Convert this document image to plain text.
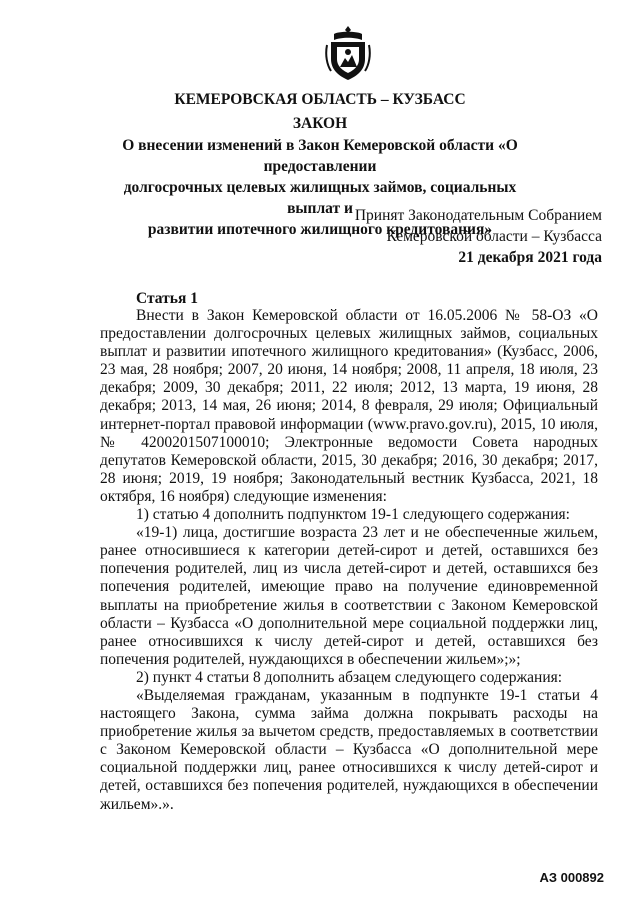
КЕМЕРОВСКАЯ ОБЛАСТЬ – КУЗБАСС
ЗАКОН
О внесении изменений в Закон Кемеровской области «О предоставлении
долгосрочных целевых жилищных займов, социальных выплат и
развитии ипотечного жилищного кредитования»
Принят Законодательным Собранием
Кемеровской области – Кузбасса
21 декабря 2021 года
Статья 1

Внести в Закон Кемеровской области от 16.05.2006 № 58-ОЗ «О предоставлении долгосрочных целевых жилищных займов, социальных выплат и развитии ипотечного жилищного кредитования» (Кузбасс, 2006, 23 мая, 28 ноября; 2007, 20 июня, 14 ноября; 2008, 11 апреля, 18 июля, 23 декабря; 2009, 30 декабря; 2011, 22 июля; 2012, 13 марта, 19 июня, 28 декабря; 2013, 14 мая, 26 июня; 2014, 8 февраля, 29 июля; Официальный интернет-портал правовой информации (www.pravo.gov.ru), 2015, 10 июля, № 4200201507100010; Электронные ведомости Совета народных депутатов Кемеровской области, 2015, 30 декабря; 2016, 30 декабря; 2017, 28 июня; 2019, 19 ноября; Законодательный вестник Кузбасса, 2021, 18 октября, 16 ноября) следующие изменения:

1) статью 4 дополнить подпунктом 19-1 следующего содержания:

«19-1) лица, достигшие возраста 23 лет и не обеспеченные жильем, ранее относившиеся к категории детей-сирот и детей, оставшихся без попечения родителей, лиц из числа детей-сирот и детей, оставшихся без попечения родителей, имеющие право на получение единовременной выплаты на приобретение жилья в соответствии с Законом Кемеровской области – Кузбасса «О дополнительной мере социальной поддержки лиц, ранее относившихся к числу детей-сирот и детей, оставшихся без попечения родителей, нуждающихся в обеспечении жильем»;»;

2) пункт 4 статьи 8 дополнить абзацем следующего содержания:

«Выделяемая гражданам, указанным в подпункте 19-1 статьи 4 настоящего Закона, сумма займа должна покрывать расходы на приобретение жилья за вычетом средств, предоставляемых в соответствии с Законом Кемеровской области – Кузбасса «О дополнительной мере социальной поддержки лиц, ранее относившихся к числу детей-сирот и детей, оставшихся без попечения родителей, нуждающихся в обеспечении жильем».».

АЗ 000892
